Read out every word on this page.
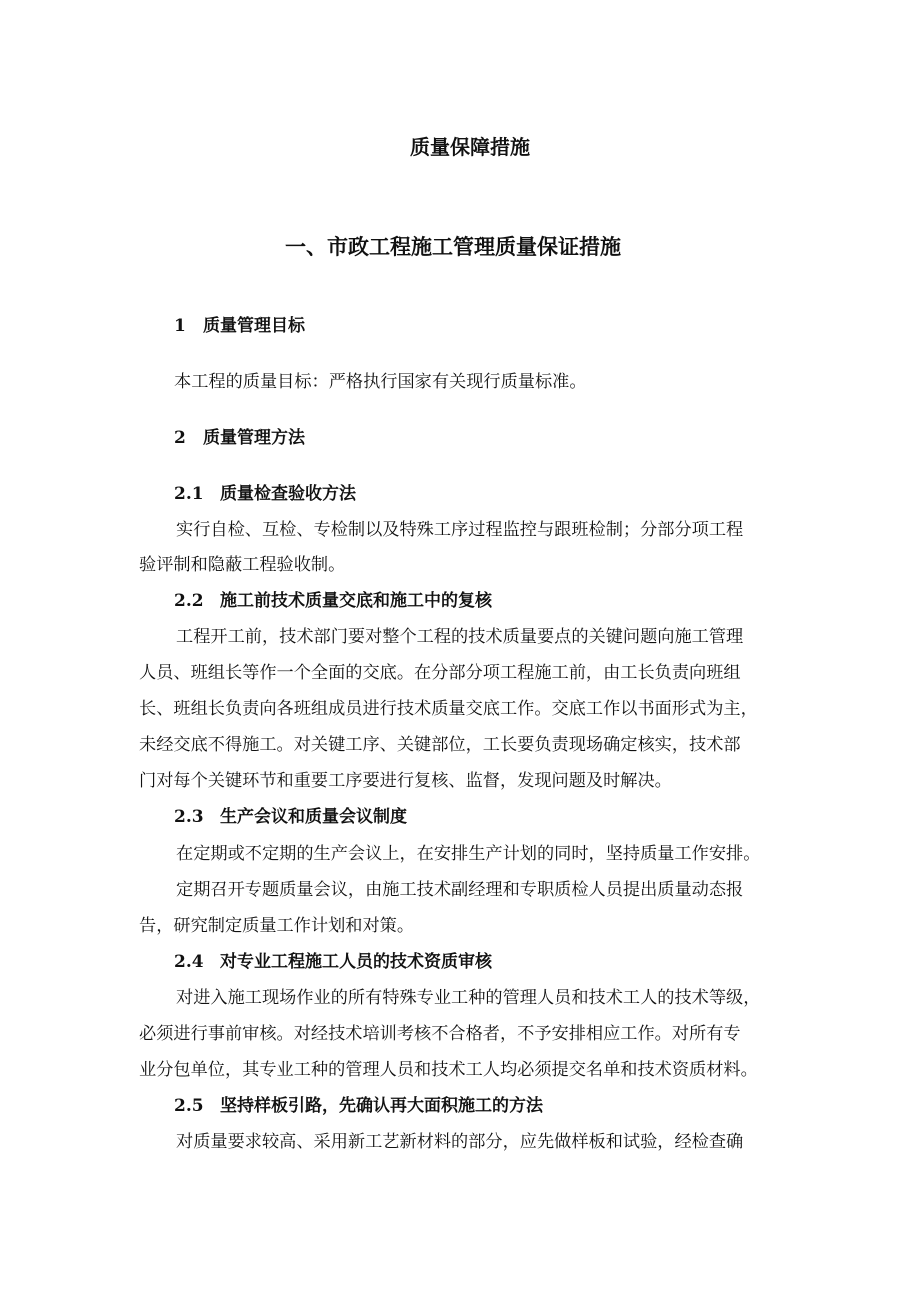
质量保障措施
一、市政工程施工管理质量保证措施
1 质量管理目标
本工程的质量目标：严格执行国家有关现行质量标准。
2 质量管理方法
2.1 质量检查验收方法
实行自检、互检、专检制以及特殊工序过程监控与跟班检制；分部分项工程
验评制和隐蔽工程验收制。
2.2 施工前技术质量交底和施工中的复核
工程开工前，技术部门要对整个工程的技术质量要点的关键问题向施工管理
人员、班组长等作一个全面的交底。在分部分项工程施工前，由工长负责向班组
长、班组长负责向各班组成员进行技术质量交底工作。交底工作以书面形式为主，
未经交底不得施工。对关键工序、关键部位，工长要负责现场确定核实，技术部
门对每个关键环节和重要工序要进行复核、监督，发现问题及时解决。
2.3 生产会议和质量会议制度
在定期或不定期的生产会议上，在安排生产计划的同时，坚持质量工作安排。
定期召开专题质量会议，由施工技术副经理和专职质检人员提出质量动态报
告，研究制定质量工作计划和对策。
2.4 对专业工程施工人员的技术资质审核
对进入施工现场作业的所有特殊专业工种的管理人员和技术工人的技术等级，
必须进行事前审核。对经技术培训考核不合格者，不予安排相应工作。对所有专
业分包单位，其专业工种的管理人员和技术工人均必须提交名单和技术资质材料。
2.5 坚持样板引路，先确认再大面积施工的方法
对质量要求较高、采用新工艺新材料的部分，应先做样板和试验，经检查确
